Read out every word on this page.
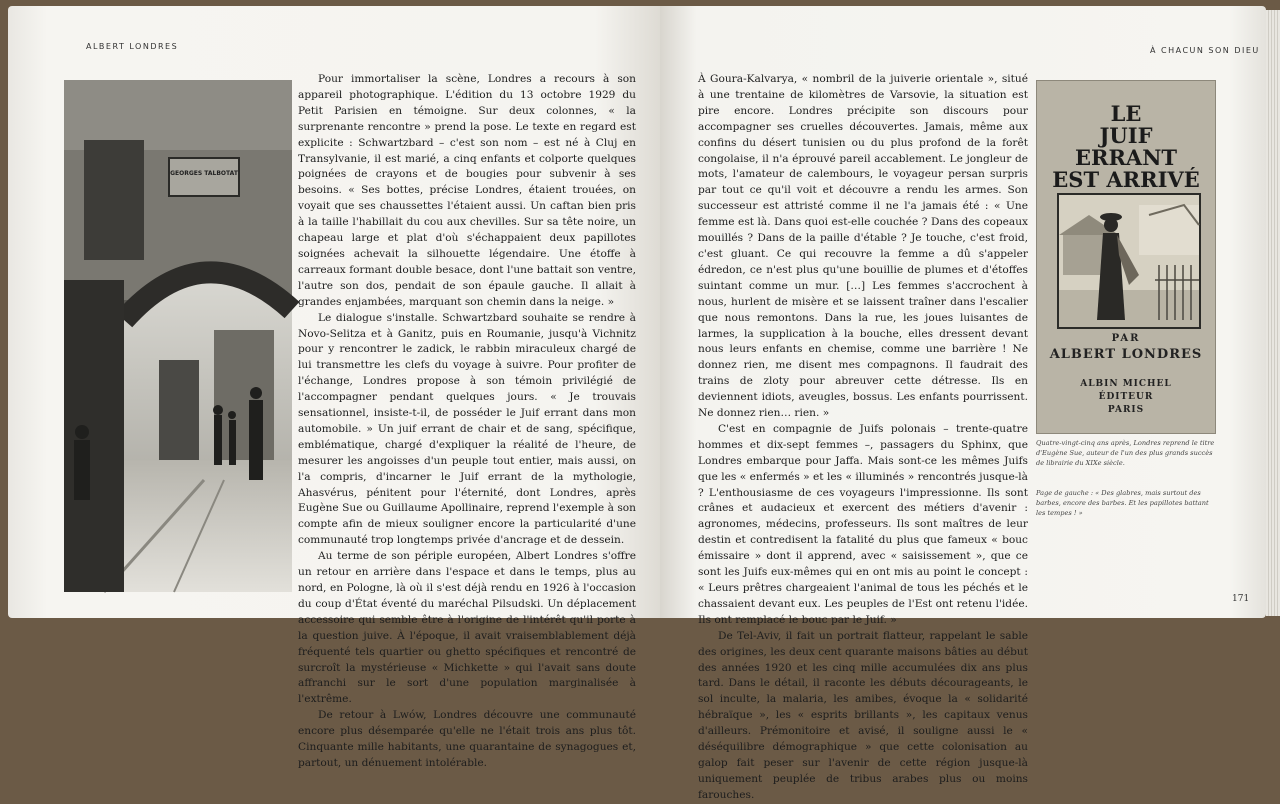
ALBERT LONDRES
GEORGES TALBOTAT

Pour immortaliser la scène, Londres a recours à son appareil photographique. L'édition du 13 octobre 1929 du Petit Parisien en témoigne. Sur deux colonnes, « la surprenante rencontre » prend la pose. Le texte en regard est explicite : Schwartzbard – c'est son nom – est né à Cluj en Transylvanie, il est marié, a cinq enfants et colporte quelques poignées de crayons et de bougies pour subvenir à ses besoins. « Ses bottes, précise Londres, étaient trouées, on voyait que ses chaussettes l'étaient aussi. Un caftan bien pris à la taille l'habillait du cou aux chevilles. Sur sa tête noire, un chapeau large et plat d'où s'échappaient deux papillotes soignées achevait la silhouette légendaire. Une étoffe à carreaux formant double besace, dont l'une battait son ventre, l'autre son dos, pendait de son épaule gauche. Il allait à grandes enjambées, marquant son chemin dans la neige. »

Le dialogue s'installe. Schwartzbard souhaite se rendre à Novo-Selitza et à Ganitz, puis en Roumanie, jusqu'à Vichnitz pour y rencontrer le zadick, le rabbin miraculeux chargé de lui transmettre les clefs du voyage à suivre. Pour profiter de l'échange, Londres propose à son témoin privilégié de l'accompagner pendant quelques jours. « Je trouvais sensationnel, insiste-t-il, de posséder le Juif errant dans mon automobile. » Un juif errant de chair et de sang, spécifique, emblématique, chargé d'expliquer la réalité de l'heure, de mesurer les angoisses d'un peuple tout entier, mais aussi, on l'a compris, d'incarner le Juif errant de la mythologie, Ahasvérus, pénitent pour l'éternité, dont Londres, après Eugène Sue ou Guillaume Apollinaire, reprend l'exemple à son compte afin de mieux souligner encore la particularité d'une communauté trop longtemps privée d'ancrage et de dessein.

Au terme de son périple européen, Albert Londres s'offre un retour en arrière dans l'espace et dans le temps, plus au nord, en Pologne, là où il s'est déjà rendu en 1926 à l'occasion du coup d'État éventé du maréchal Pilsudski. Un déplacement accessoire qui semble être à l'origine de l'intérêt qu'il porte à la question juive. À l'époque, il avait vraisemblablement déjà fréquenté tels quartier ou ghetto spécifiques et rencontré de surcroît la mystérieuse « Michkette » qui l'avait sans doute affranchi sur le sort d'une population marginalisée à l'extrême.

De retour à Lwów, Londres découvre une communauté encore plus désemparée qu'elle ne l'était trois ans plus tôt. Cinquante mille habitants, une quarantaine de synagogues et, partout, un dénuement intolérable.

À CHACUN SON DIEU

À Goura-Kalvarya, « nombril de la juiverie orientale », situé à une trentaine de kilomètres de Varsovie, la situation est pire encore. Londres précipite son discours pour accompagner ses cruelles découvertes. Jamais, même aux confins du désert tunisien ou du plus profond de la forêt congolaise, il n'a éprouvé pareil accablement. Le jongleur de mots, l'amateur de calembours, le voyageur persan surpris par tout ce qu'il voit et découvre a rendu les armes. Son successeur est attristé comme il ne l'a jamais été : « Une femme est là. Dans quoi est-elle couchée ? Dans des copeaux mouillés ? Dans de la paille d'étable ? Je touche, c'est froid, c'est gluant. Ce qui recouvre la femme a dû s'appeler édredon, ce n'est plus qu'une bouillie de plumes et d'étoffes suintant comme un mur. […] Les femmes s'accrochent à nous, hurlent de misère et se laissent traîner dans l'escalier que nous remontons. Dans la rue, les joues luisantes de larmes, la supplication à la bouche, elles dressent devant nous leurs enfants en chemise, comme une barrière ! Ne donnez rien, me disent mes compagnons. Il faudrait des trains de zloty pour abreuver cette détresse. Ils en deviennent idiots, aveugles, bossus. Les enfants pourrissent. Ne donnez rien… rien. »

C'est en compagnie de Juifs polonais – trente-quatre hommes et dix-sept femmes –, passagers du Sphinx, que Londres embarque pour Jaffa. Mais sont-ce les mêmes Juifs que les « enfermés » et les « illuminés » rencontrés jusque-là ? L'enthousiasme de ces voyageurs l'impressionne. Ils sont crânes et audacieux et exercent des métiers d'avenir : agronomes, médecins, professeurs. Ils sont maîtres de leur destin et contredisent la fatalité du plus que fameux « bouc émissaire » dont il apprend, avec « saisissement », que ce sont les Juifs eux-mêmes qui en ont mis au point le concept : « Leurs prêtres chargeaient l'animal de tous les péchés et le chassaient devant eux. Les peuples de l'Est ont retenu l'idée. Ils ont remplacé le bouc par le Juif. »

De Tel-Aviv, il fait un portrait flatteur, rappelant le sable des origines, les deux cent quarante maisons bâties au début des années 1920 et les cinq mille accumulées dix ans plus tard. Dans le détail, il raconte les débuts décourageants, le sol inculte, la malaria, les amibes, évoque la « solidarité hébraïque », les « esprits brillants », les capitaux venus d'ailleurs. Prémonitoire et avisé, il souligne aussi le « déséquilibre démographique » que cette colonisation au galop fait peser sur l'avenir de cette région jusque-là uniquement peuplée de tribus arabes plus ou moins farouches.

LE
JUIF
ERRANT
EST ARRIVÉ
PAR
ALBERT LONDRES
ALBIN MICHEL
ÉDITEUR
PARIS
Quatre-vingt-cinq ans après, Londres reprend le titre d'Eugène Sue, auteur de l'un des plus grands succès de librairie du XIXe siècle.
Page de gauche : « Des glabres, mais surtout des barbes, encore des barbes. Et les papillotes battant les tempes ! »
171
